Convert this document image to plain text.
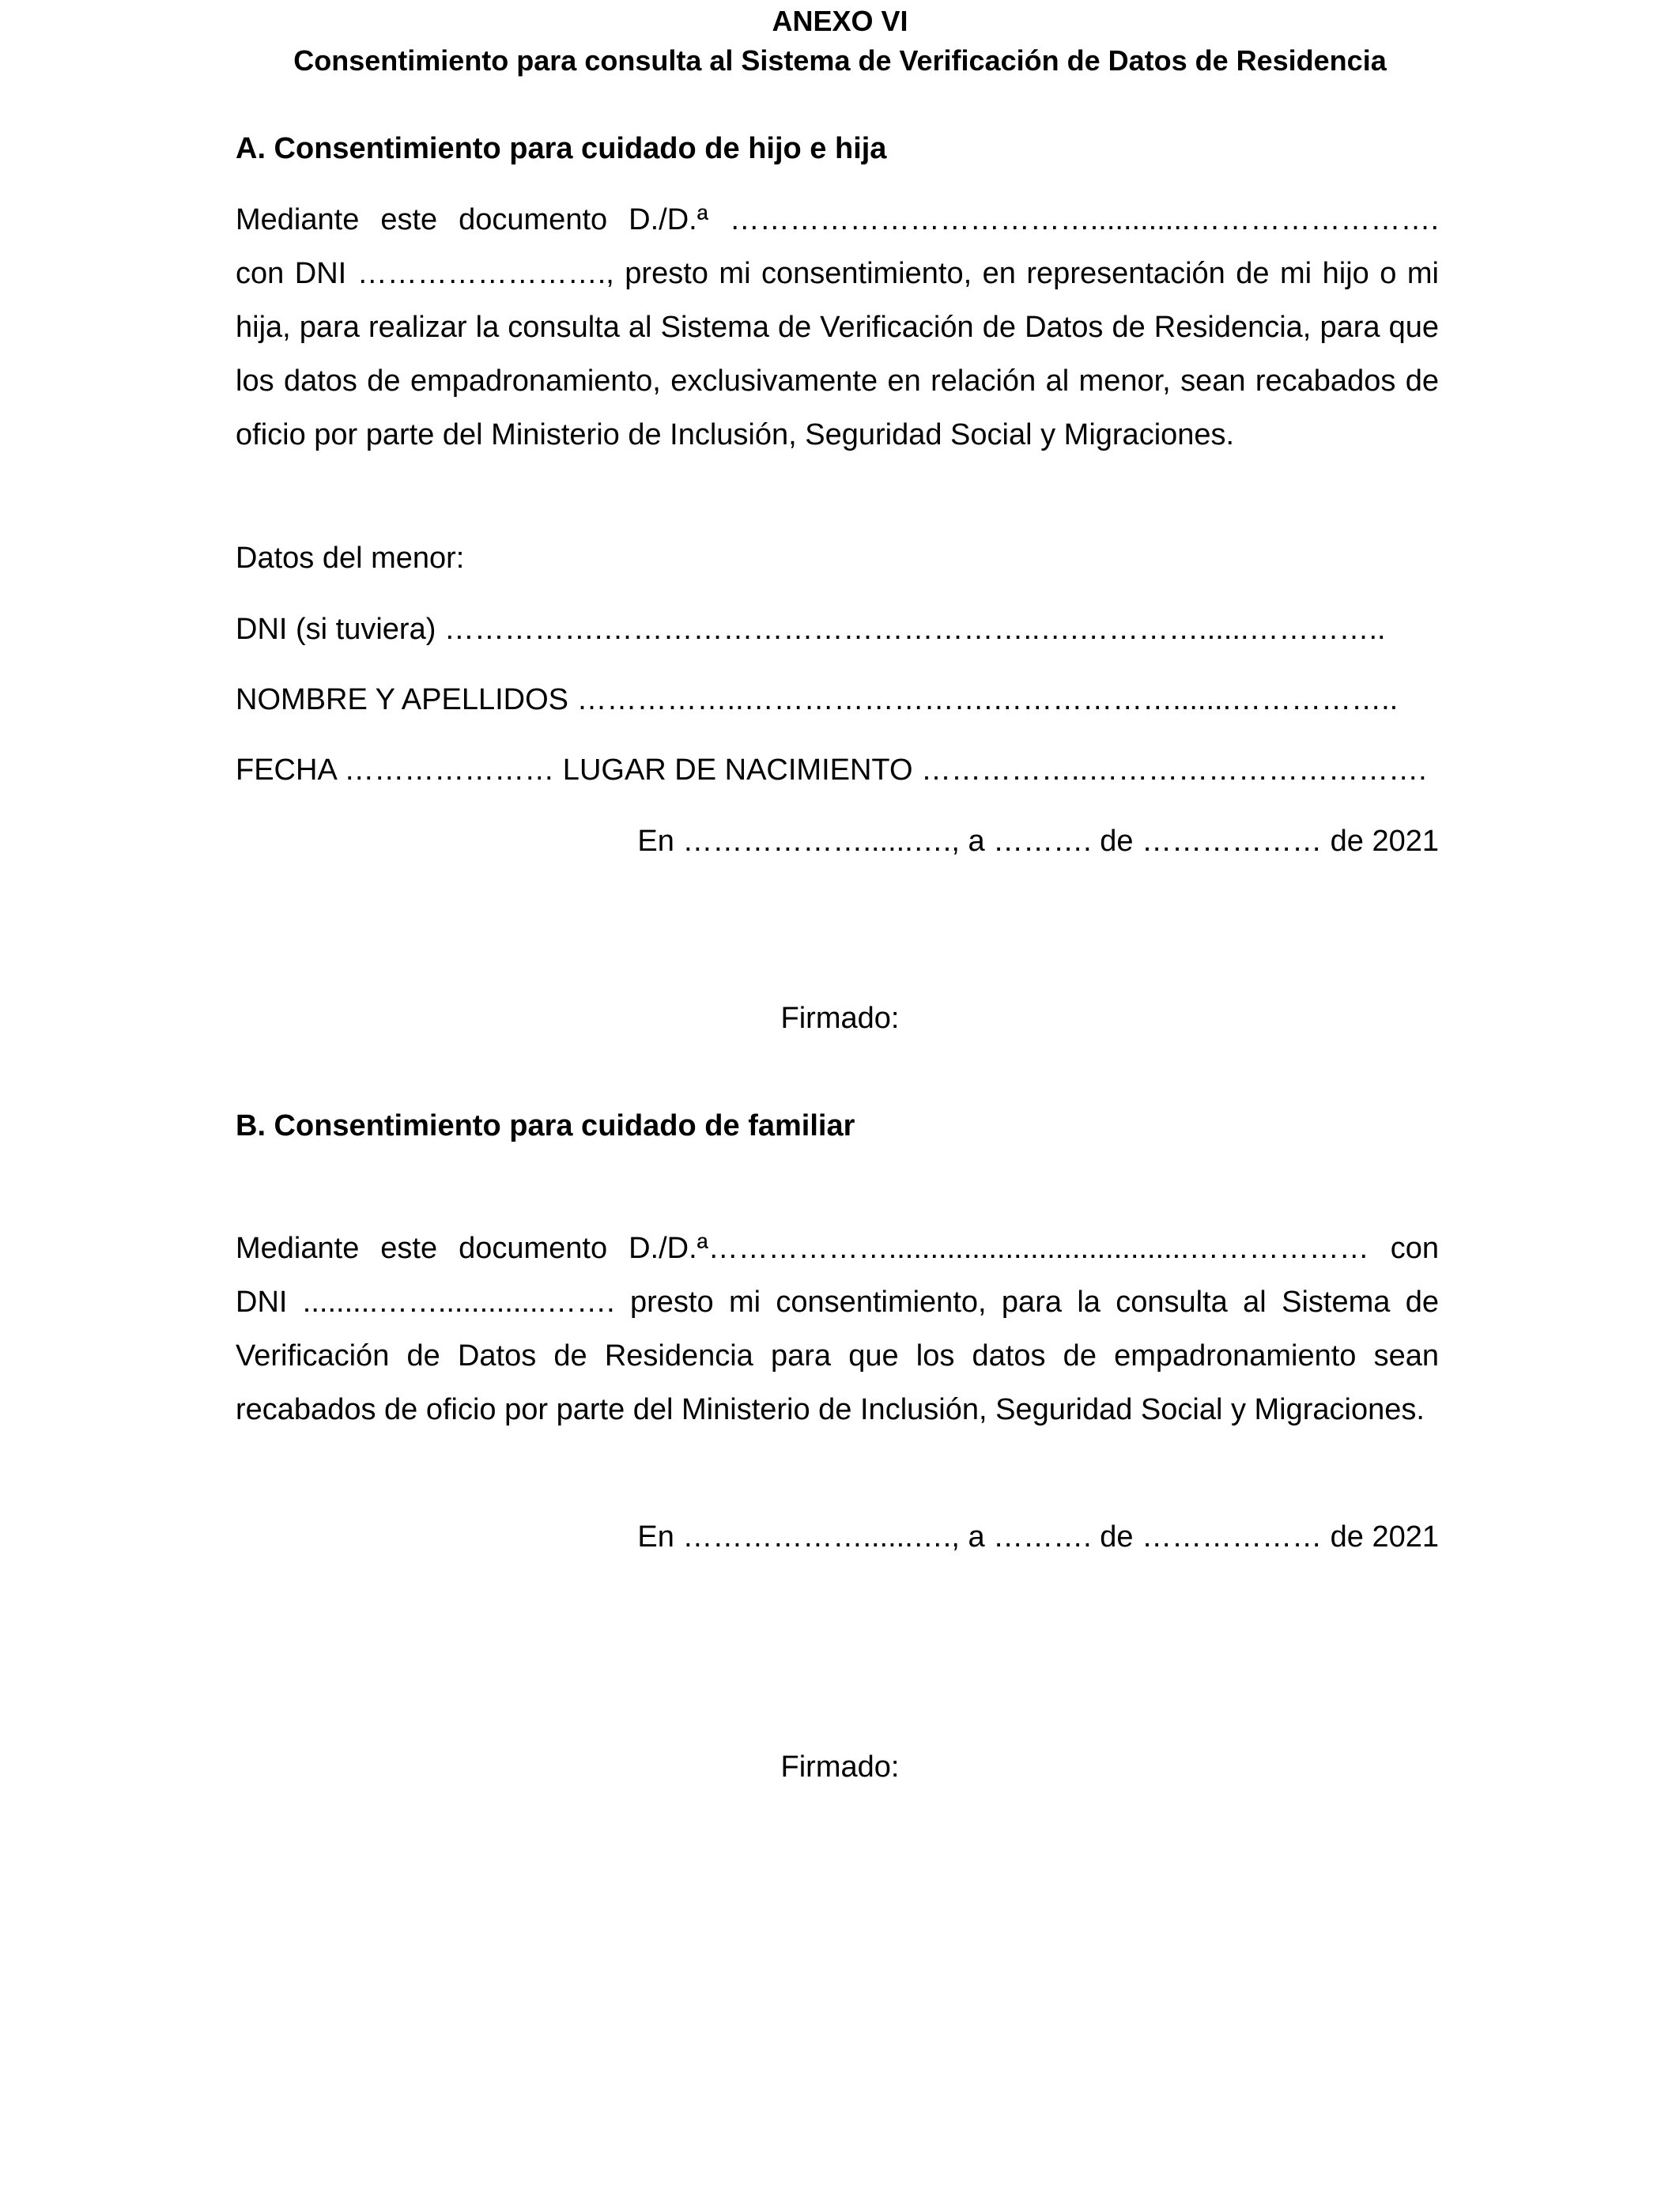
ANEXO VI
Consentimiento para consulta al Sistema de Verificación de Datos de Residencia
A. Consentimiento para cuidado de hijo e hija

Mediante este documento D./D.ª ………………………………............……………………. con DNI ……………………., presto mi consentimiento, en representación de mi hijo o mi hija, para realizar la consulta al Sistema de Verificación de Datos de Residencia, para que los datos de empadronamiento, exclusivamente en relación al menor, sean recabados de oficio por parte del Ministerio de Inclusión, Seguridad Social y Migraciones.

Datos del menor:
DNI (si tuviera) …………….……………………………………..….…………......…………..
NOMBRE Y APELLIDOS ……………..…………………….……………….......……………..
FECHA ………………… LUGAR DE NACIMIENTO ……………..…………………………….
En ………………......…., a ………. de ……………… de 2021
Firmado:
B. Consentimiento para cuidado de familiar

Mediante este documento D./D.ª………………....................................……………… con DNI .........…….............……. presto mi consentimiento, para la consulta al Sistema de Verificación de Datos de Residencia para que los datos de empadronamiento sean recabados de oficio por parte del Ministerio de Inclusión, Seguridad Social y Migraciones.

En ………………......…., a ………. de ……………… de 2021
Firmado:
